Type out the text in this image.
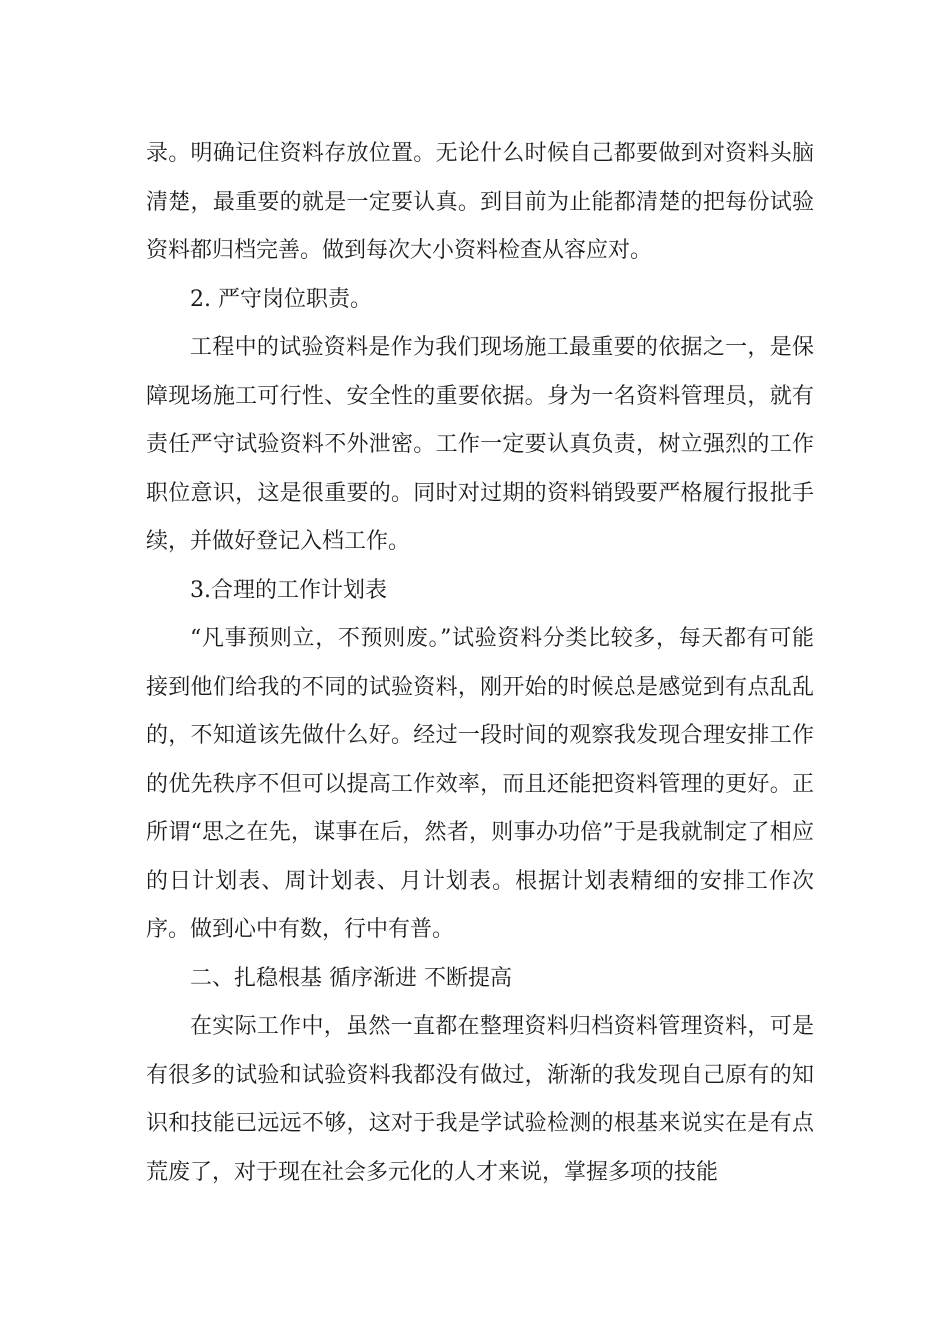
录。明确记住资料存放位置。无论什么时候自己都要做到对资料头脑清楚，最重要的就是一定要认真。到目前为止能都清楚的把每份试验资料都归档完善。做到每次大小资料检查从容应对。

2. 严守岗位职责。

工程中的试验资料是作为我们现场施工最重要的依据之一，是保障现场施工可行性、安全性的重要依据。身为一名资料管理员，就有责任严守试验资料不外泄密。工作一定要认真负责，树立强烈的工作职位意识，这是很重要的。同时对过期的资料销毁要严格履行报批手续，并做好登记入档工作。

3.合理的工作计划表

“凡事预则立，不预则废。”试验资料分类比较多，每天都有可能接到他们给我的不同的试验资料，刚开始的时候总是感觉到有点乱乱的，不知道该先做什么好。经过一段时间的观察我发现合理安排工作的优先秩序不但可以提高工作效率，而且还能把资料管理的更好。正所谓“思之在先，谋事在后，然者，则事办功倍”于是我就制定了相应的日计划表、周计划表、月计划表。根据计划表精细的安排工作次序。做到心中有数，行中有普。

二、扎稳根基 循序渐进 不断提高

在实际工作中，虽然一直都在整理资料归档资料管理资料，可是有很多的试验和试验资料我都没有做过，渐渐的我发现自己原有的知识和技能已远远不够，这对于我是学试验检测的根基来说实在是有点荒废了，对于现在社会多元化的人才来说，掌握多项的技能
